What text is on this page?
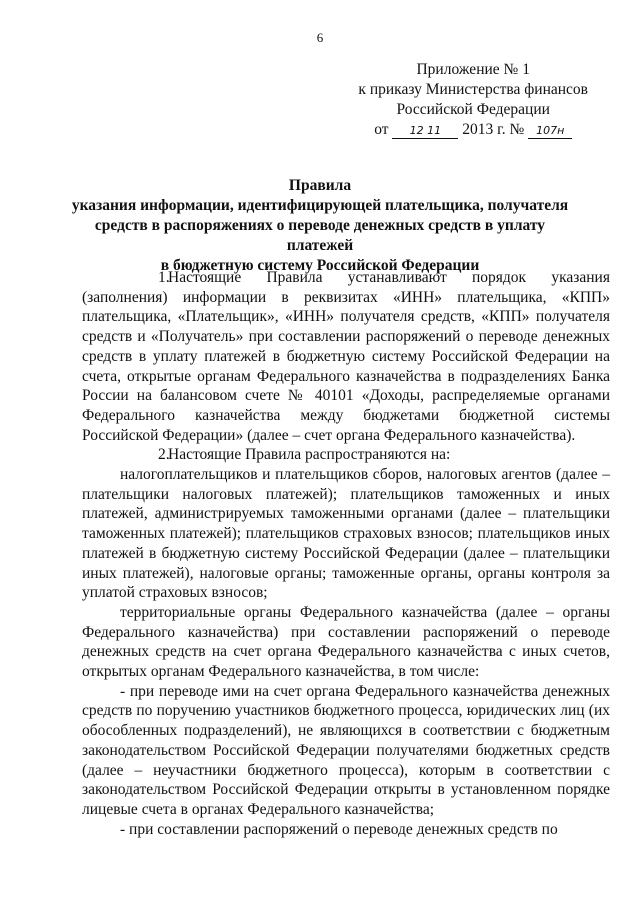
6
Приложение № 1
к приказу Министерства финансов
Российской Федерации
от 12 11 2013 г. № 107н
Правила
указания информации, идентифицирующей плательщика, получателя
средств в распоряжениях о переводе денежных средств в уплату платежей
в бюджетную систему Российской Федерации

1.Настоящие Правила устанавливают порядок указания (заполнения) информации в реквизитах «ИНН» плательщика, «КПП» плательщика, «Плательщик», «ИНН» получателя средств, «КПП» получателя средств и «Получатель» при составлении распоряжений о переводе денежных средств в уплату платежей в бюджетную систему Российской Федерации на счета, открытые органам Федерального казначейства в подразделениях Банка России на балансовом счете № 40101 «Доходы, распределяемые органами Федерального казначейства между бюджетами бюджетной системы Российской Федерации» (далее – счет органа Федерального казначейства).

2.Настоящие Правила распространяются на:

налогоплательщиков и плательщиков сборов, налоговых агентов (далее – плательщики налоговых платежей); плательщиков таможенных и иных платежей, администрируемых таможенными органами (далее – плательщики таможенных платежей); плательщиков страховых взносов; плательщиков иных платежей в бюджетную систему Российской Федерации (далее – плательщики иных платежей), налоговые органы; таможенные органы, органы контроля за уплатой страховых взносов;

территориальные органы Федерального казначейства (далее – органы Федерального казначейства) при составлении распоряжений о переводе денежных средств на счет органа Федерального казначейства с иных счетов, открытых органам Федерального казначейства, в том числе:

- при переводе ими на счет органа Федерального казначейства денежных средств по поручению участников бюджетного процесса, юридических лиц (их обособленных подразделений), не являющихся в соответствии с бюджетным законодательством Российской Федерации получателями бюджетных средств (далее – неучастники бюджетного процесса), которым в соответствии с законодательством Российской Федерации открыты в установленном порядке лицевые счета в органах Федерального казначейства;

- при составлении распоряжений о переводе денежных средств по
